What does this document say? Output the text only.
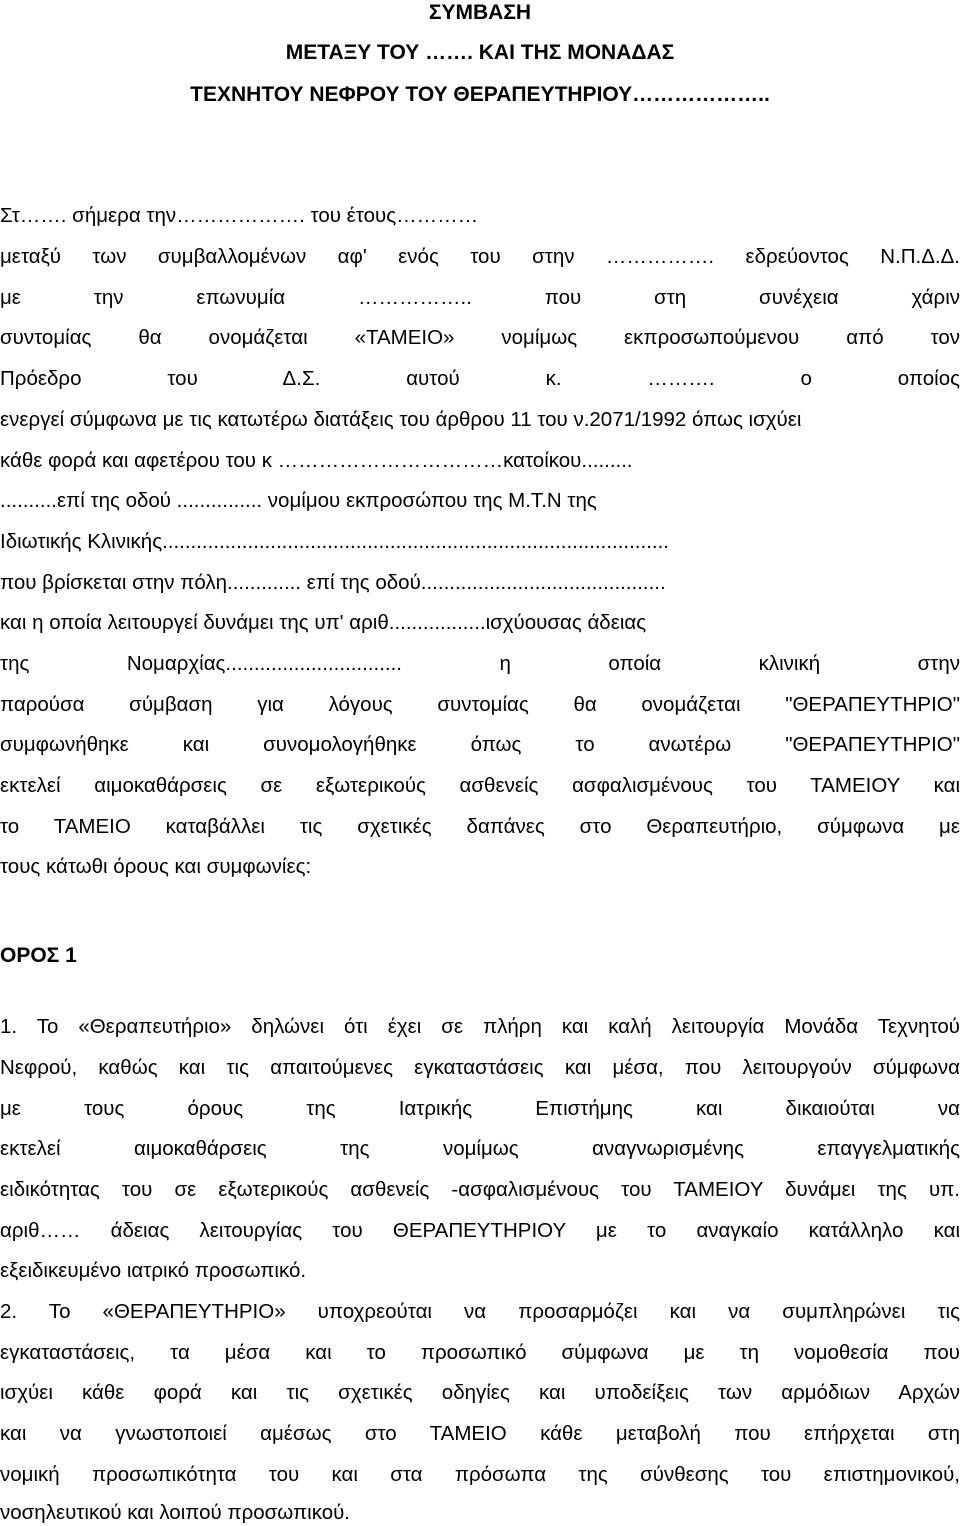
ΣΥΜΒΑΣΗ
ΜΕΤΑΞΥ ΤΟΥ ……. ΚΑΙ ΤΗΣ ΜΟΝΑΔΑΣ
ΤΕΧΝΗΤΟΥ ΝΕΦΡΟΥ ΤΟΥ ΘΕΡΑΠΕΥΤΗΡΙΟΥ………………..
Στ……. σήμερα την………………. του έτους…………
μεταξύ των συμβαλλομένων αφ' ενός του στην ……………. εδρεύοντος Ν.Π.Δ.Δ.
με την επωνυμία …………….. που στη συνέχεια χάριν
συντομίας θα ονομάζεται «ΤΑΜΕΙΟ» νομίμως εκπροσωπούμενου από τον
Πρόεδρο του Δ.Σ. αυτού κ. ………. ο οποίος
ενεργεί σύμφωνα με τις κατωτέρω διατάξεις του άρθρου 11 του ν.2071/1992 όπως ισχύει
κάθε φορά και αφετέρου του κ ……………………………κατοίκου.........
..........επί της οδού ............... νομίμου εκπροσώπου της Μ.Τ.Ν της
Ιδιωτικής Κλινικής.........................................................................................
που βρίσκεται στην πόλη............. επί της οδού...........................................
και η οποία λειτουργεί δυνάμει της υπ' αριθ.................ισχύουσας άδειας
της Νομαρχίας............................... η οποία κλινική στην
παρούσα σύμβαση για λόγους συντομίας θα ονομάζεται "ΘΕΡΑΠΕΥΤΗΡΙΟ"
συμφωνήθηκε και συνομολογήθηκε όπως το ανωτέρω "ΘΕΡΑΠΕΥΤΗΡΙΟ"
εκτελεί αιμοκαθάρσεις σε εξωτερικούς ασθενείς ασφαλισμένους του ΤΑΜΕΙΟΥ και
το ΤΑΜΕΙΟ καταβάλλει τις σχετικές δαπάνες στο Θεραπευτήριο, σύμφωνα με
τους κάτωθι όρους και συμφωνίες:
ΟΡΟΣ 1
1. Το «Θεραπευτήριο» δηλώνει ότι έχει σε πλήρη και καλή λειτουργία Μονάδα Τεχνητού
Νεφρού, καθώς και τις απαιτούμενες εγκαταστάσεις και μέσα, που λειτουργούν σύμφωνα
με τους όρους της Ιατρικής Επιστήμης και δικαιούται να
εκτελεί αιμοκαθάρσεις της νομίμως αναγνωρισμένης επαγγελματικής
ειδικότητας του σε εξωτερικούς ασθενείς -ασφαλισμένους του ΤΑΜΕΙΟΥ δυνάμει της υπ.
αριθ…… άδειας λειτουργίας του ΘΕΡΑΠΕΥΤΗΡΙΟΥ με το αναγκαίο κατάλληλο και
εξειδικευμένο ιατρικό προσωπικό.
2. Το «ΘΕΡΑΠΕΥΤΗΡΙΟ» υποχρεούται να προσαρμόζει και να συμπληρώνει τις
εγκαταστάσεις, τα μέσα και το προσωπικό σύμφωνα με τη νομοθεσία που
ισχύει κάθε φορά και τις σχετικές οδηγίες και υποδείξεις των αρμόδιων Αρχών
και να γνωστοποιεί αμέσως στο ΤΑΜΕΙΟ κάθε μεταβολή που επήρχεται στη
νομική προσωπικότητα του και στα πρόσωπα της σύνθεσης του επιστημονικού,
νοσηλευτικού και λοιπού προσωπικού.
